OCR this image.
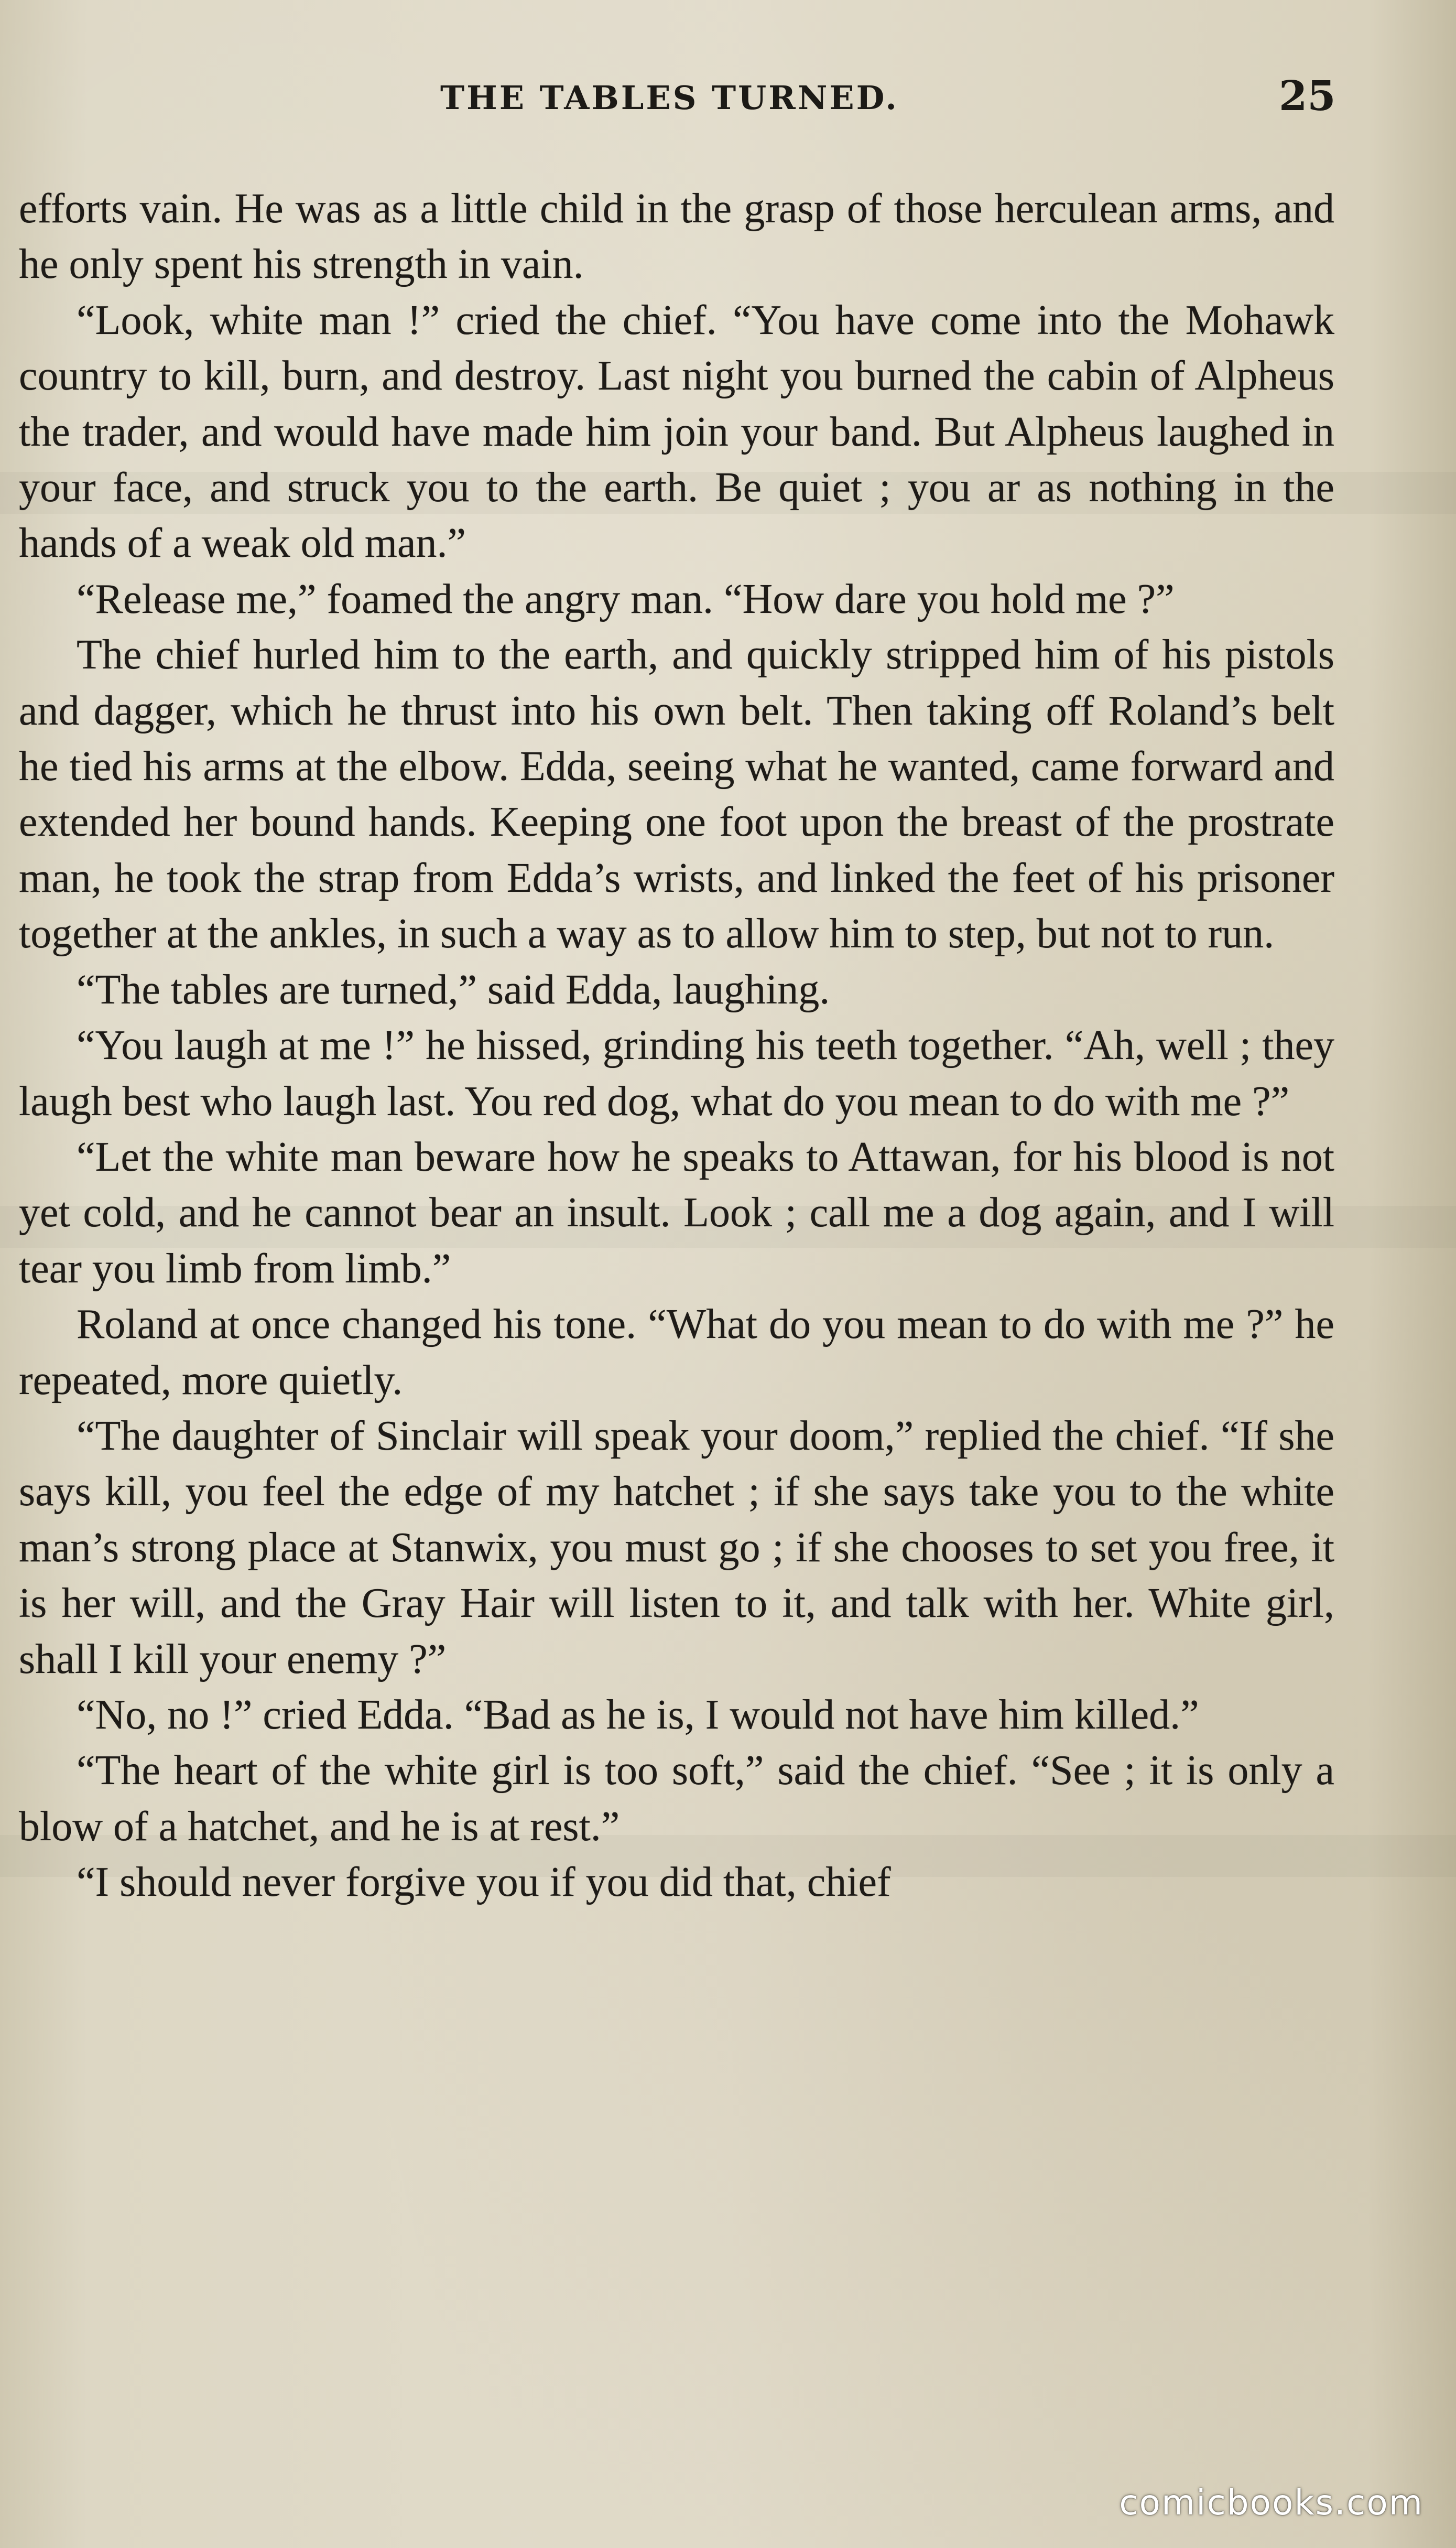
THE TABLES TURNED.	25

efforts vain. He was as a little child in the grasp of those herculean arms, and he only spent his strength in vain.

“Look, white man !” cried the chief. “You have come into the Mohawk country to kill, burn, and destroy. Last night you burned the cabin of Alpheus the trader, and would have made him join your band. But Alpheus laughed in your face, and struck you to the earth. Be quiet ; you ar as nothing in the hands of a weak old man.”

“Release me,” foamed the angry man. “How dare you hold me ?”

The chief hurled him to the earth, and quickly stripped him of his pistols and dagger, which he thrust into his own belt. Then taking off Roland’s belt he tied his arms at the elbow. Edda, seeing what he wanted, came forward and extended her bound hands. Keeping one foot upon the breast of the prostrate man, he took the strap from Edda’s wrists, and linked the feet of his prisoner together at the ankles, in such a way as to allow him to step, but not to run.

“The tables are turned,” said Edda, laughing.

“You laugh at me !” he hissed, grinding his teeth together. “Ah, well ; they laugh best who laugh last. You red dog, what do you mean to do with me ?”

“Let the white man beware how he speaks to Attawan, for his blood is not yet cold, and he cannot bear an insult. Look ; call me a dog again, and I will tear you limb from limb.”

Roland at once changed his tone. “What do you mean to do with me ?” he repeated, more quietly.

“The daughter of Sinclair will speak your doom,” replied the chief. “If she says kill, you feel the edge of my hatchet ; if she says take you to the white man’s strong place at Stanwix, you must go ; if she chooses to set you free, it is her will, and the Gray Hair will listen to it, and talk with her. White girl, shall I kill your enemy ?”

“No, no !” cried Edda. “Bad as he is, I would not have him killed.”

“The heart of the white girl is too soft,” said the chief. “See ; it is only a blow of a hatchet, and he is at rest.”

“I should never forgive you if you did that, chief

comicbooks.com
